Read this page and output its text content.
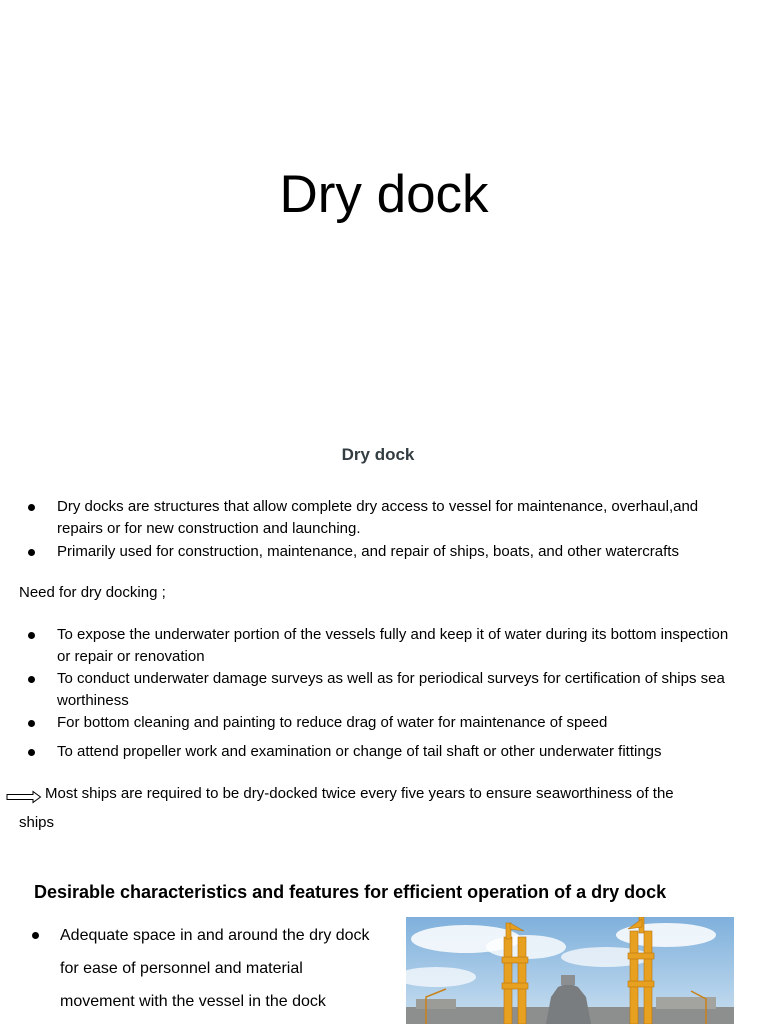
Dry dock
Dry dock
Dry docks are structures that allow complete dry access to vessel for maintenance, overhaul,and repairs or for new construction and launching.
Primarily used for construction, maintenance, and repair of ships, boats, and other watercrafts
Need for dry docking ;
To expose the underwater portion of the vessels fully and keep it of water during its bottom inspection or repair or renovation
To conduct underwater damage surveys as well as for periodical surveys for certification of ships sea worthiness
For bottom cleaning and painting to reduce drag of water for maintenance of speed
To attend propeller work and examination or change of tail shaft or other underwater fittings
Most ships are required to be dry-docked twice every five years to ensure seaworthiness of the
ships
Desirable characteristics and features for efficient operation of a dry dock
Adequate space in and around the dry dock for ease of personnel and material movement with the vessel in the dock
